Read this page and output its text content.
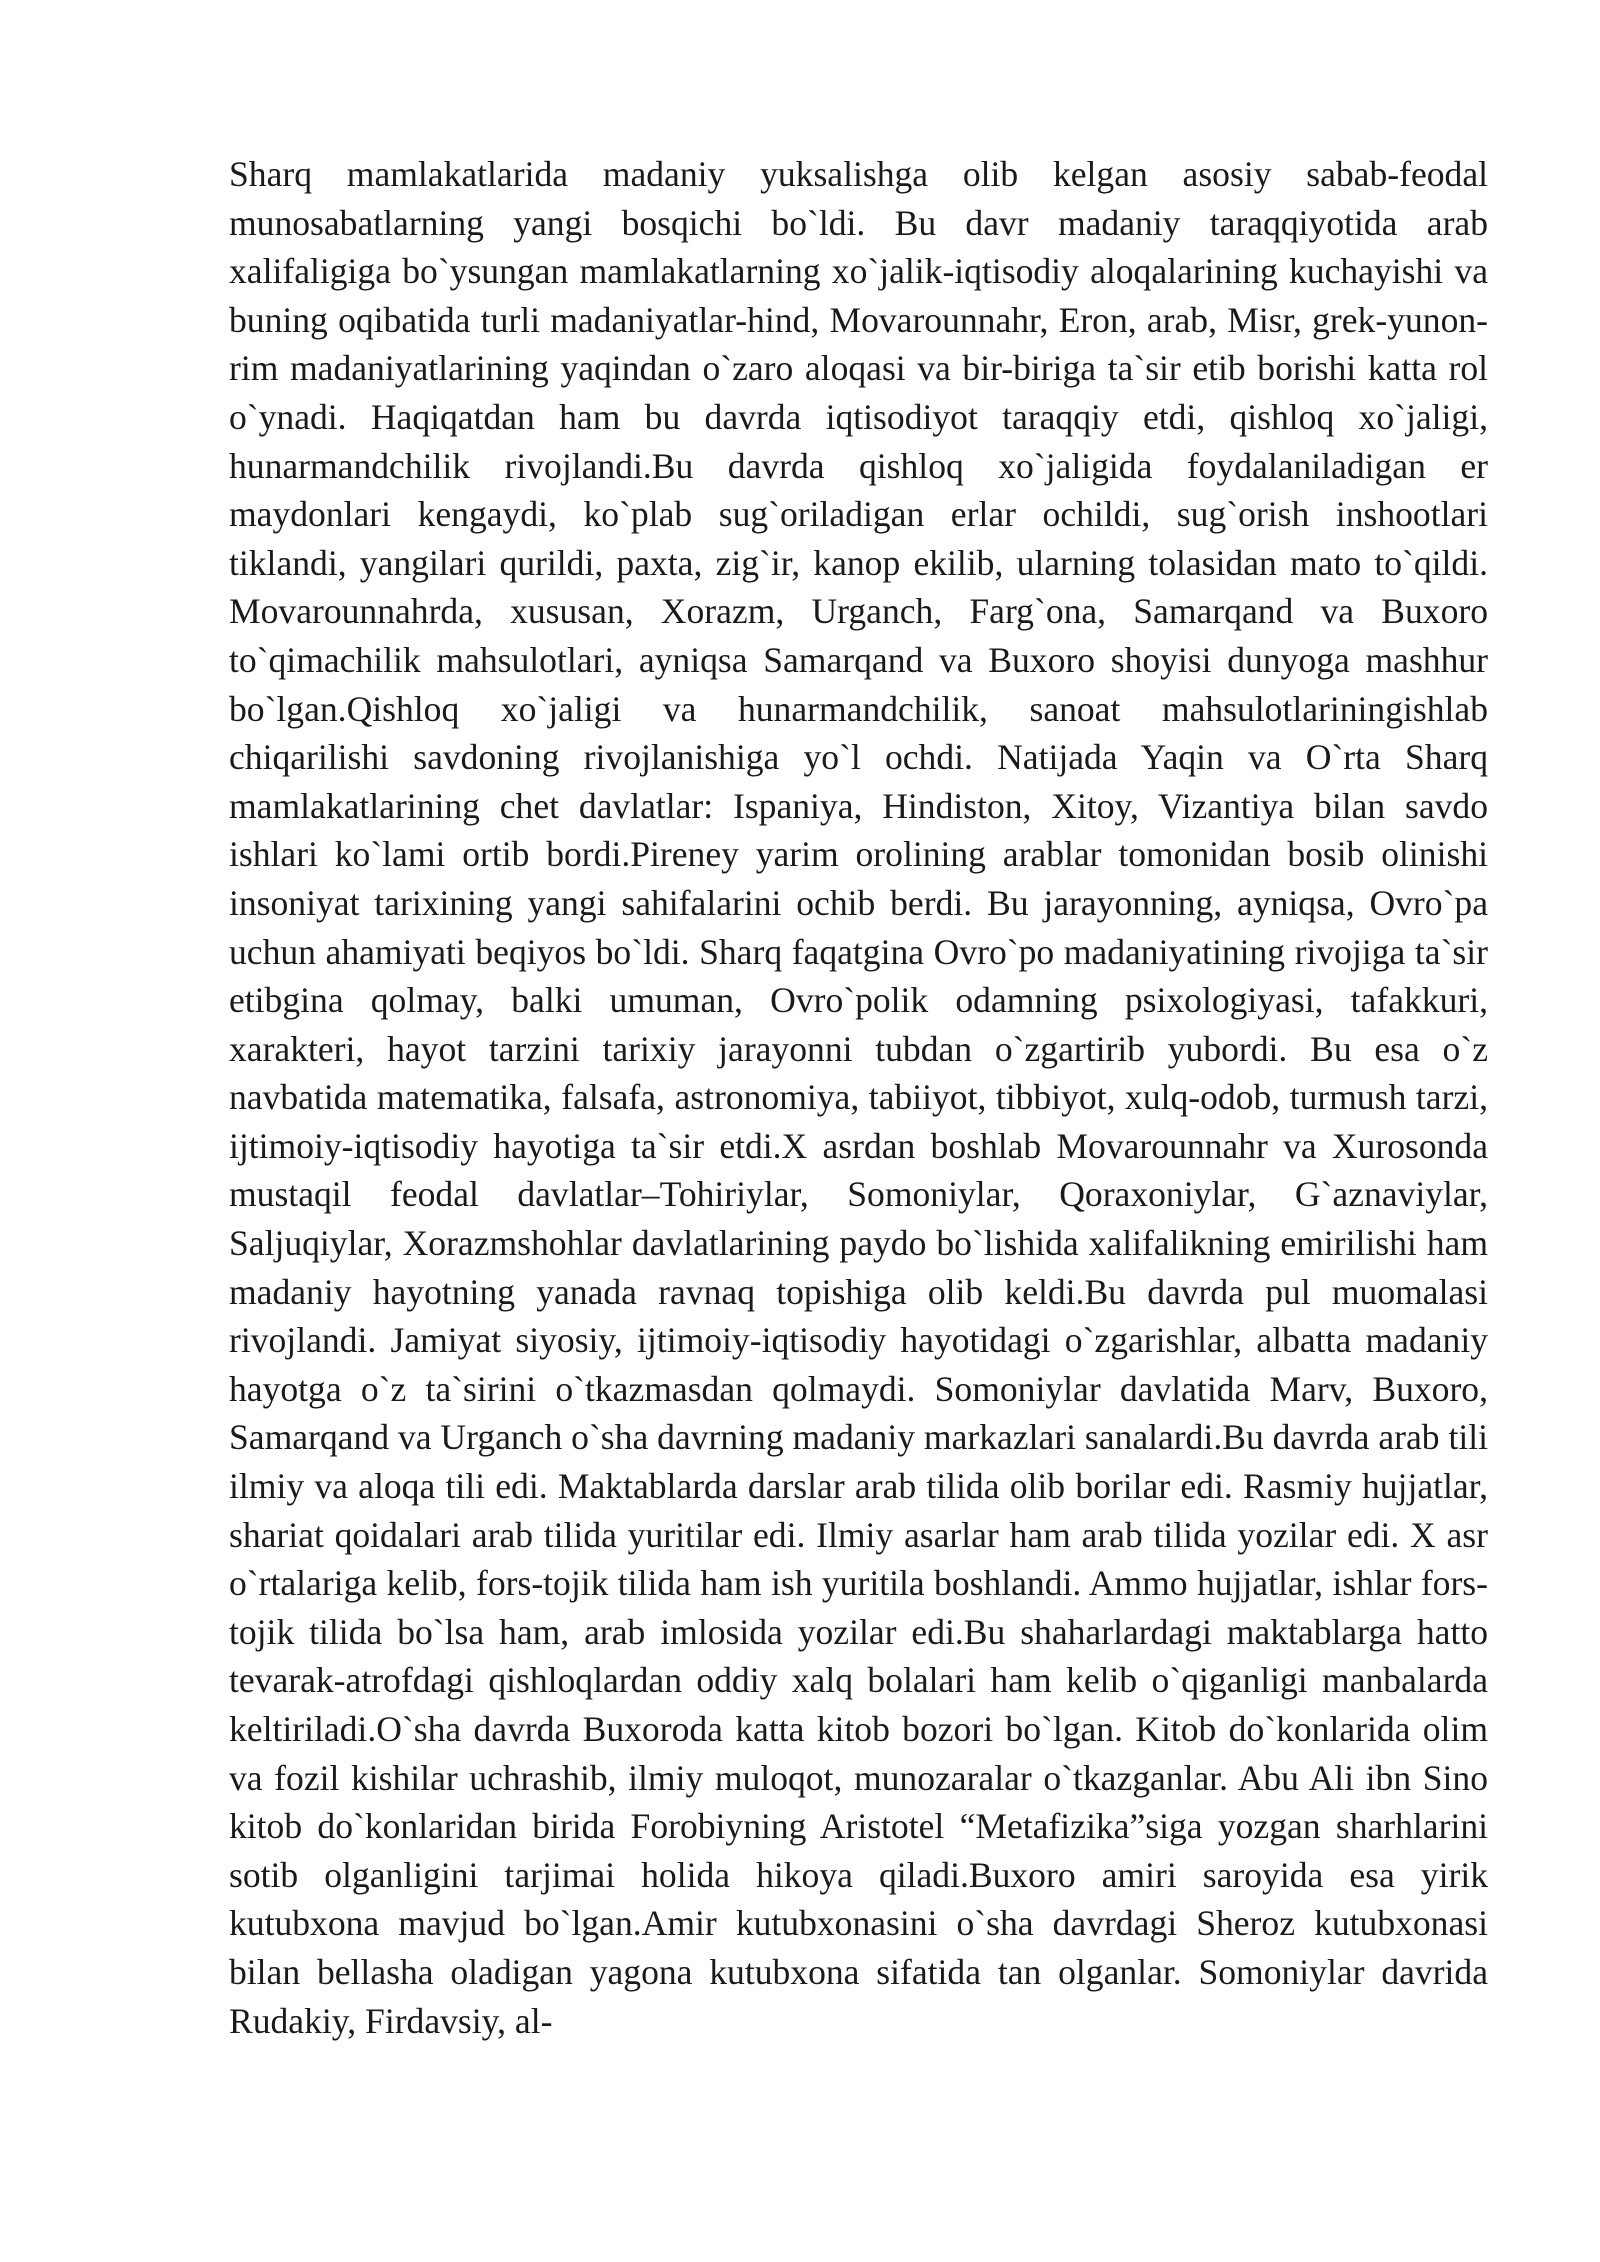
Sharq mamlakatlarida madaniy yuksalishga olib kelgan asosiy sabab-feodal munosabatlarning yangi bosqichi bo`ldi. Bu davr madaniy taraqqiyotida arab xalifaligiga bo`ysungan mamlakatlarning xo`jalik-iqtisodiy aloqalarining kuchayishi va buning oqibatida turli madaniyatlar-hind, Movarounnahr, Eron, arab, Misr, grek-yunon-rim madaniyatlarining yaqindan o`zaro aloqasi va bir-biriga ta`sir etib borishi katta rol o`ynadi. Haqiqatdan ham bu davrda iqtisodiyot taraqqiy etdi, qishloq xo`jaligi, hunarmandchilik rivojlandi.Bu davrda qishloq xo`jaligida foydalaniladigan er maydonlari kengaydi, ko`plab sug`oriladigan erlar ochildi, sug`orish inshootlari tiklandi, yangilari qurildi, paxta, zig`ir, kanop ekilib, ularning tolasidan mato to`qildi. Movarounnahrda, xususan, Xorazm, Urganch, Farg`ona, Samarqand va Buxoro to`qimachilik mahsulotlari, ayniqsa Samarqand va Buxoro shoyisi dunyoga mashhur bo`lgan.Qishloq xo`jaligi va hunarmandchilik, sanoat mahsulotlariningishlab chiqarilishi savdoning rivojlanishiga yo`l ochdi. Natijada Yaqin va O`rta Sharq mamlakatlarining chet davlatlar: Ispaniya, Hindiston, Xitoy, Vizantiya bilan savdo ishlari ko`lami ortib bordi.Pireney yarim orolining arablar tomonidan bosib olinishi insoniyat tarixining yangi sahifalarini ochib berdi. Bu jarayonning, ayniqsa, Ovro`pa uchun ahamiyati beqiyos bo`ldi. Sharq faqatgina Ovro`po madaniyatining rivojiga ta`sir etibgina qolmay, balki umuman, Ovro`polik odamning psixologiyasi, tafakkuri, xarakteri, hayot tarzini tarixiy jarayonni tubdan o`zgartirib yubordi. Bu esa o`z navbatida matematika, falsafa, astronomiya, tabiiyot, tibbiyot, xulq-odob, turmush tarzi, ijtimoiy-iqtisodiy hayotiga ta`sir etdi.X asrdan boshlab Movarounnahr va Xurosonda mustaqil feodal davlatlar–Tohiriylar, Somoniylar, Qoraxoniylar, G`aznaviylar, Saljuqiylar, Xorazmshohlar davlatlarining paydo bo`lishida xalifalikning emirilishi ham madaniy hayotning yanada ravnaq topishiga olib keldi.Bu davrda pul muomalasi rivojlandi. Jamiyat siyosiy, ijtimoiy-iqtisodiy hayotidagi o`zgarishlar, albatta madaniy hayotga o`z ta`sirini o`tkazmasdan qolmaydi. Somoniylar davlatida Marv, Buxoro, Samarqand va Urganch o`sha davrning madaniy markazlari sanalardi.Bu davrda arab tili ilmiy va aloqa tili edi. Maktablarda darslar arab tilida olib borilar edi. Rasmiy hujjatlar, shariat qoidalari arab tilida yuritilar edi. Ilmiy asarlar ham arab tilida yozilar edi. X asr o`rtalariga kelib, fors-tojik tilida ham ish yuritila boshlandi. Ammo hujjatlar, ishlar fors-tojik tilida bo`lsa ham, arab imlosida yozilar edi.Bu shaharlardagi maktablarga hatto tevarak-atrofdagi qishloqlardan oddiy xalq bolalari ham kelib o`qiganligi manbalarda keltiriladi.O`sha davrda Buxoroda katta kitob bozori bo`lgan. Kitob do`konlarida olim va fozil kishilar uchrashib, ilmiy muloqot, munozaralar o`tkazganlar. Abu Ali ibn Sino kitob do`konlaridan birida Forobiyning Aristotel “Metafizika”siga yozgan sharhlarini sotib olganligini tarjimai holida hikoya qiladi.Buxoro amiri saroyida esa yirik kutubxona mavjud bo`lgan.Amir kutubxonasini o`sha davrdagi Sheroz kutubxonasi bilan bellasha oladigan yagona kutubxona sifatida tan olganlar. Somoniylar davrida Rudakiy, Firdavsiy, al-
